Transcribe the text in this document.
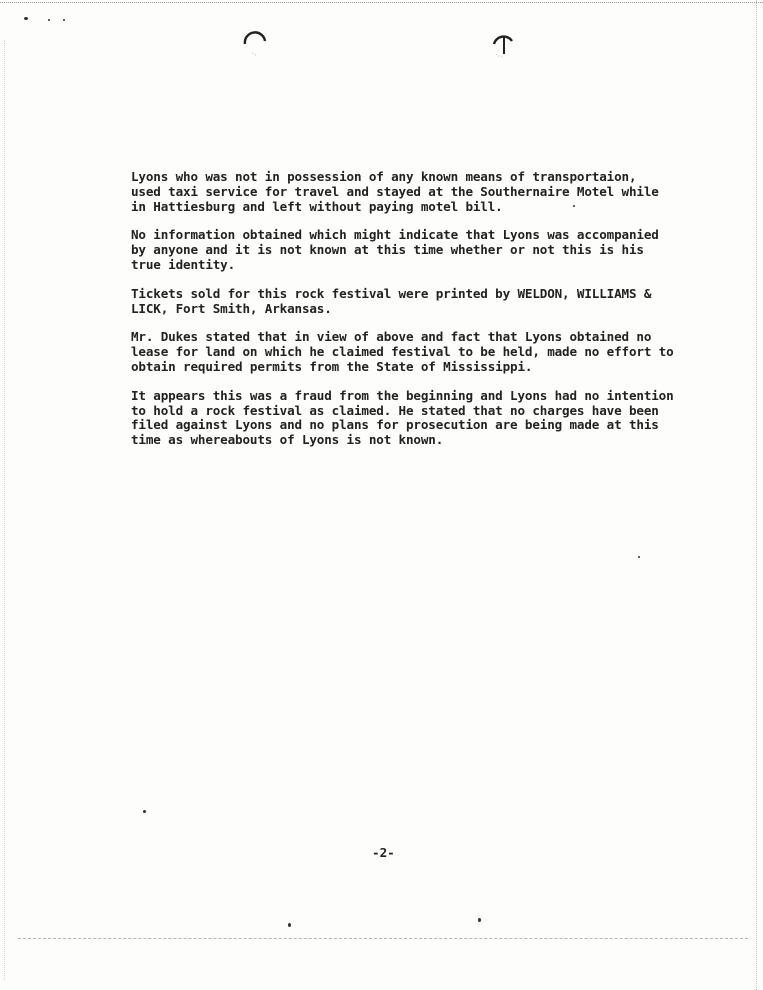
Lyons who was not in possession of any known means of transportaion,
used taxi service for travel and stayed at the Southernaire Motel while
in Hattiesburg and left without paying motel bill.

No information obtained which might indicate that Lyons was accompanied
by anyone and it is not known at this time whether or not this is his
true identity.

Tickets sold for this rock festival were printed by WELDON, WILLIAMS &
LICK, Fort Smith, Arkansas.

Mr. Dukes stated that in view of above and fact that Lyons obtained no
lease for land on which he claimed festival to be held, made no effort to
obtain required permits from the State of Mississippi.

It appears this was a fraud from the beginning and Lyons had no intention
to hold a rock festival as claimed. He stated that no charges have been
filed against Lyons and no plans for prosecution are being made at this
time as whereabouts of Lyons is not known.

-2-
